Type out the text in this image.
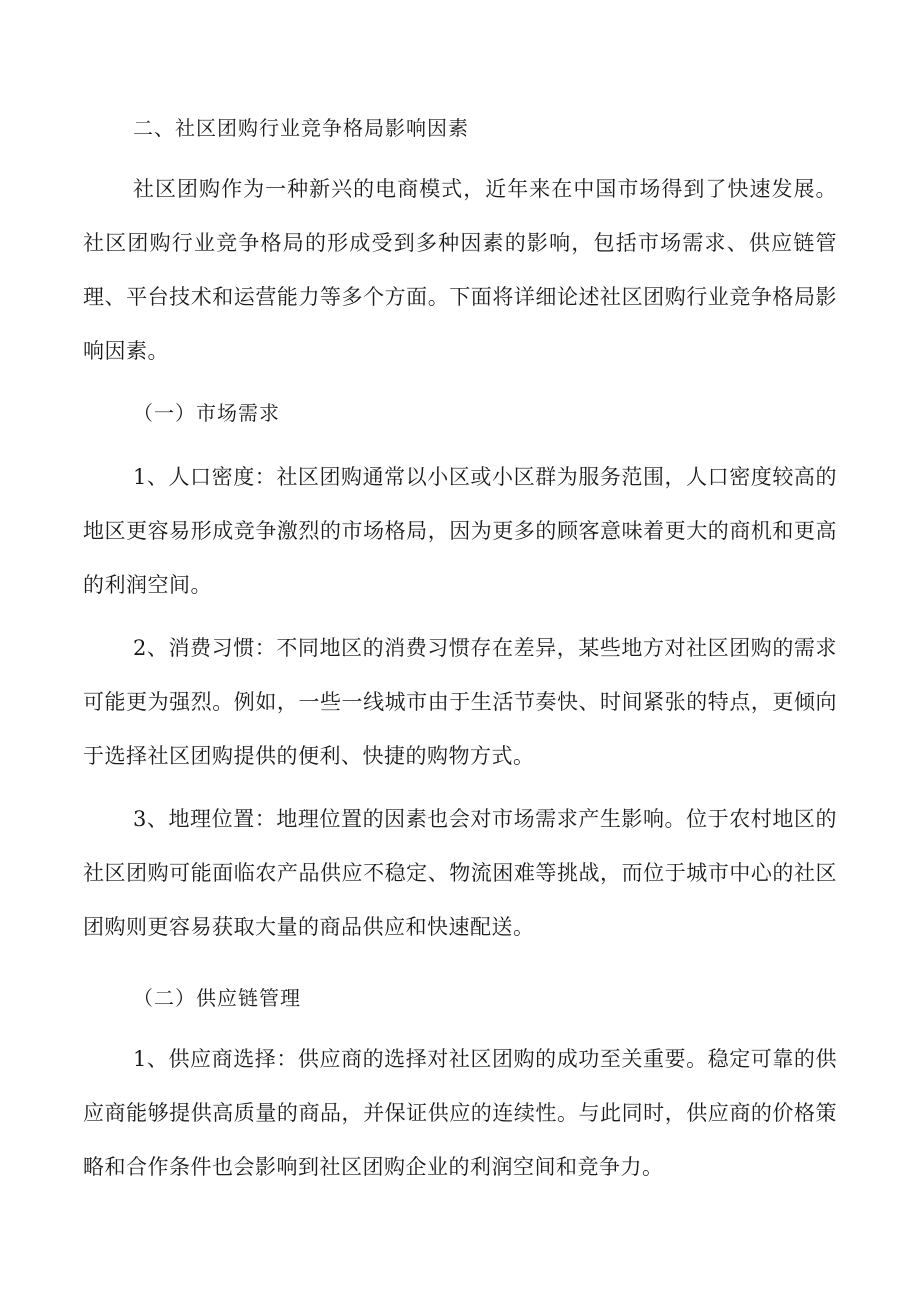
二、社区团购行业竞争格局影响因素

社区团购作为一种新兴的电商模式，近年来在中国市场得到了快速发展。社区团购行业竞争格局的形成受到多种因素的影响，包括市场需求、供应链管理、平台技术和运营能力等多个方面。下面将详细论述社区团购行业竞争格局影响因素。

（一）市场需求

1、人口密度：社区团购通常以小区或小区群为服务范围，人口密度较高的地区更容易形成竞争激烈的市场格局，因为更多的顾客意味着更大的商机和更高的利润空间。

2、消费习惯：不同地区的消费习惯存在差异，某些地方对社区团购的需求可能更为强烈。例如，一些一线城市由于生活节奏快、时间紧张的特点，更倾向于选择社区团购提供的便利、快捷的购物方式。

3、地理位置：地理位置的因素也会对市场需求产生影响。位于农村地区的社区团购可能面临农产品供应不稳定、物流困难等挑战，而位于城市中心的社区团购则更容易获取大量的商品供应和快速配送。

（二）供应链管理

1、供应商选择：供应商的选择对社区团购的成功至关重要。稳定可靠的供应商能够提供高质量的商品，并保证供应的连续性。与此同时，供应商的价格策略和合作条件也会影响到社区团购企业的利润空间和竞争力。
